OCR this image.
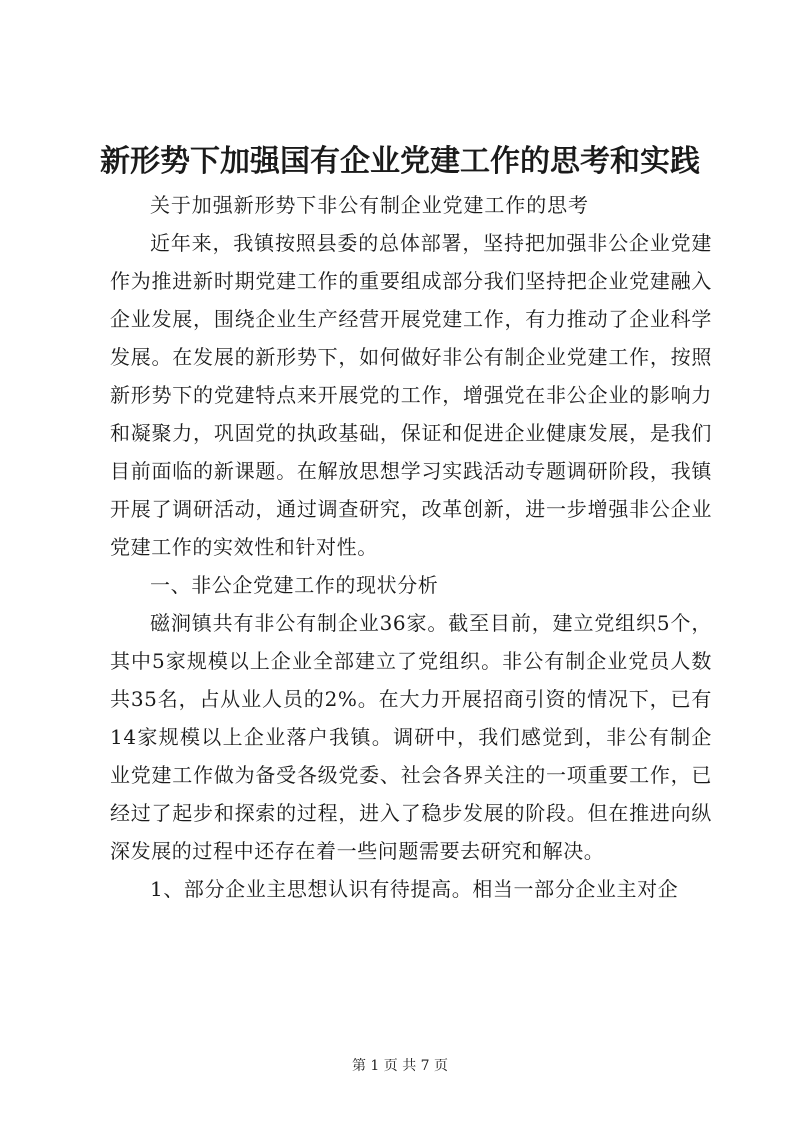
新形势下加强国有企业党建工作的思考和实践

关于加强新形势下非公有制企业党建工作的思考

近年来，我镇按照县委的总体部署，坚持把加强非公企业党建作为推进新时期党建工作的重要组成部分我们坚持把企业党建融入企业发展，围绕企业生产经营开展党建工作，有力推动了企业科学发展。在发展的新形势下，如何做好非公有制企业党建工作，按照新形势下的党建特点来开展党的工作，增强党在非公企业的影响力和凝聚力，巩固党的执政基础，保证和促进企业健康发展，是我们目前面临的新课题。在解放思想学习实践活动专题调研阶段，我镇开展了调研活动，通过调查研究，改革创新，进一步增强非公企业党建工作的实效性和针对性。

一、非公企党建工作的现状分析

磁涧镇共有非公有制企业36家。截至目前，建立党组织5个，其中5家规模以上企业全部建立了党组织。非公有制企业党员人数共35名，占从业人员的2%。在大力开展招商引资的情况下，已有14家规模以上企业落户我镇。调研中，我们感觉到，非公有制企业党建工作做为备受各级党委、社会各界关注的一项重要工作，已经过了起步和探索的过程，进入了稳步发展的阶段。但在推进向纵深发展的过程中还存在着一些问题需要去研究和解决。

1、部分企业主思想认识有待提高。相当一部分企业主对企

第 1 页 共 7 页
